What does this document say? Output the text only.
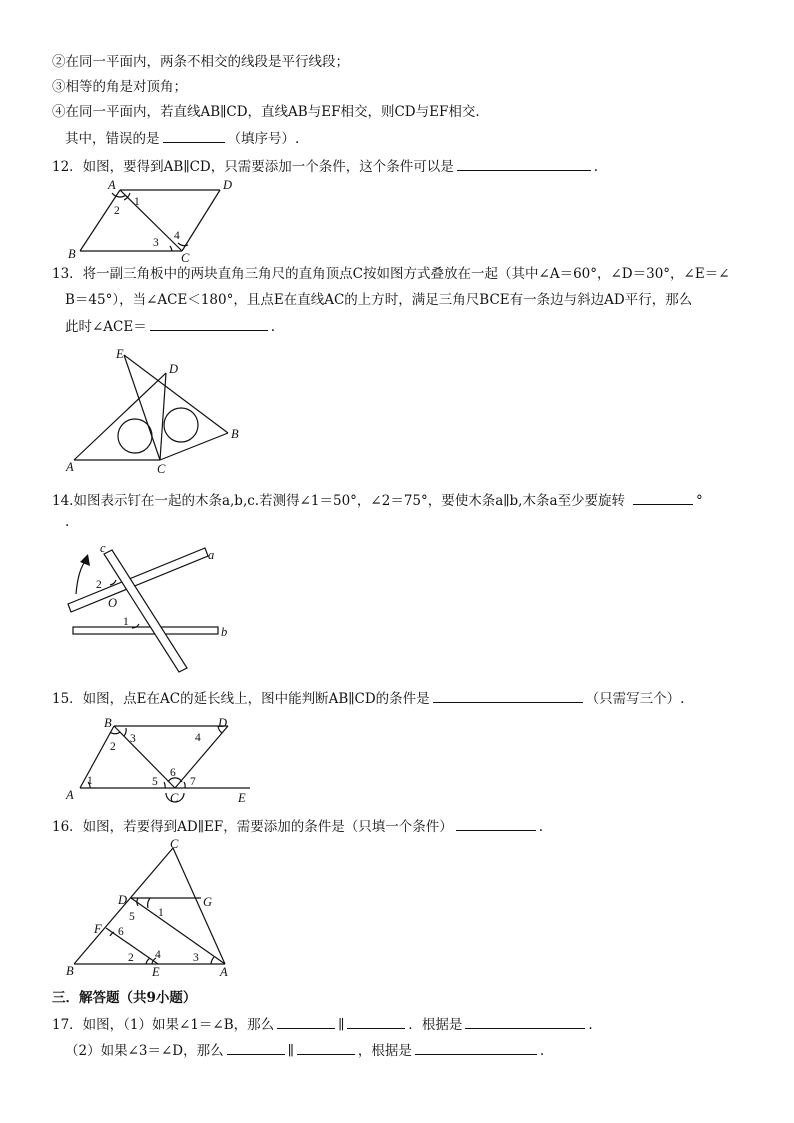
②在同一平面内，两条不相交的线段是平行线段；
③相等的角是对顶角；
④在同一平面内，若直线AB∥CD，直线AB与EF相交，则CD与EF相交.
其中，错误的是	（填序号）.
12．如图，要得到AB∥CD，只需要添加一个条件，这个条件可以是	.
A	D
B	C
1
2
3
4
13．将一副三角板中的两块直角三角尺的直角顶点C按如图方式叠放在一起（其中∠A＝60°，∠D＝30°，∠E＝∠
B＝45°），当∠ACE＜180°，且点E在直线AC的上方时，满足三角尺BCE有一条边与斜边AD平行，那么
此时∠ACE＝	.
E
D
A	C
B
14.如图表示钉在一起的木条a,b,c.若测得∠1＝50°，∠2＝75°，要使木条a∥b,木条a至少要旋转	°
.
c	a
b
O
2
1
15．如图，点E在AC的延长线上，图中能判断AB∥CD的条件是	（只需写三个）.
B	D
A	C	E
1
2
3	4
5
6
7
16．如图，若要得到AD∥EF，需要添加的条件是（只填一个条件）	.
C
D	G
F
B	E	A
1
2	3
4
5
6
三．解答题（共9小题）
17．如图，（1）如果∠1＝∠B，那么	∥	．根据是	.
（2）如果∠3＝∠D，那么	∥	，根据是	.
